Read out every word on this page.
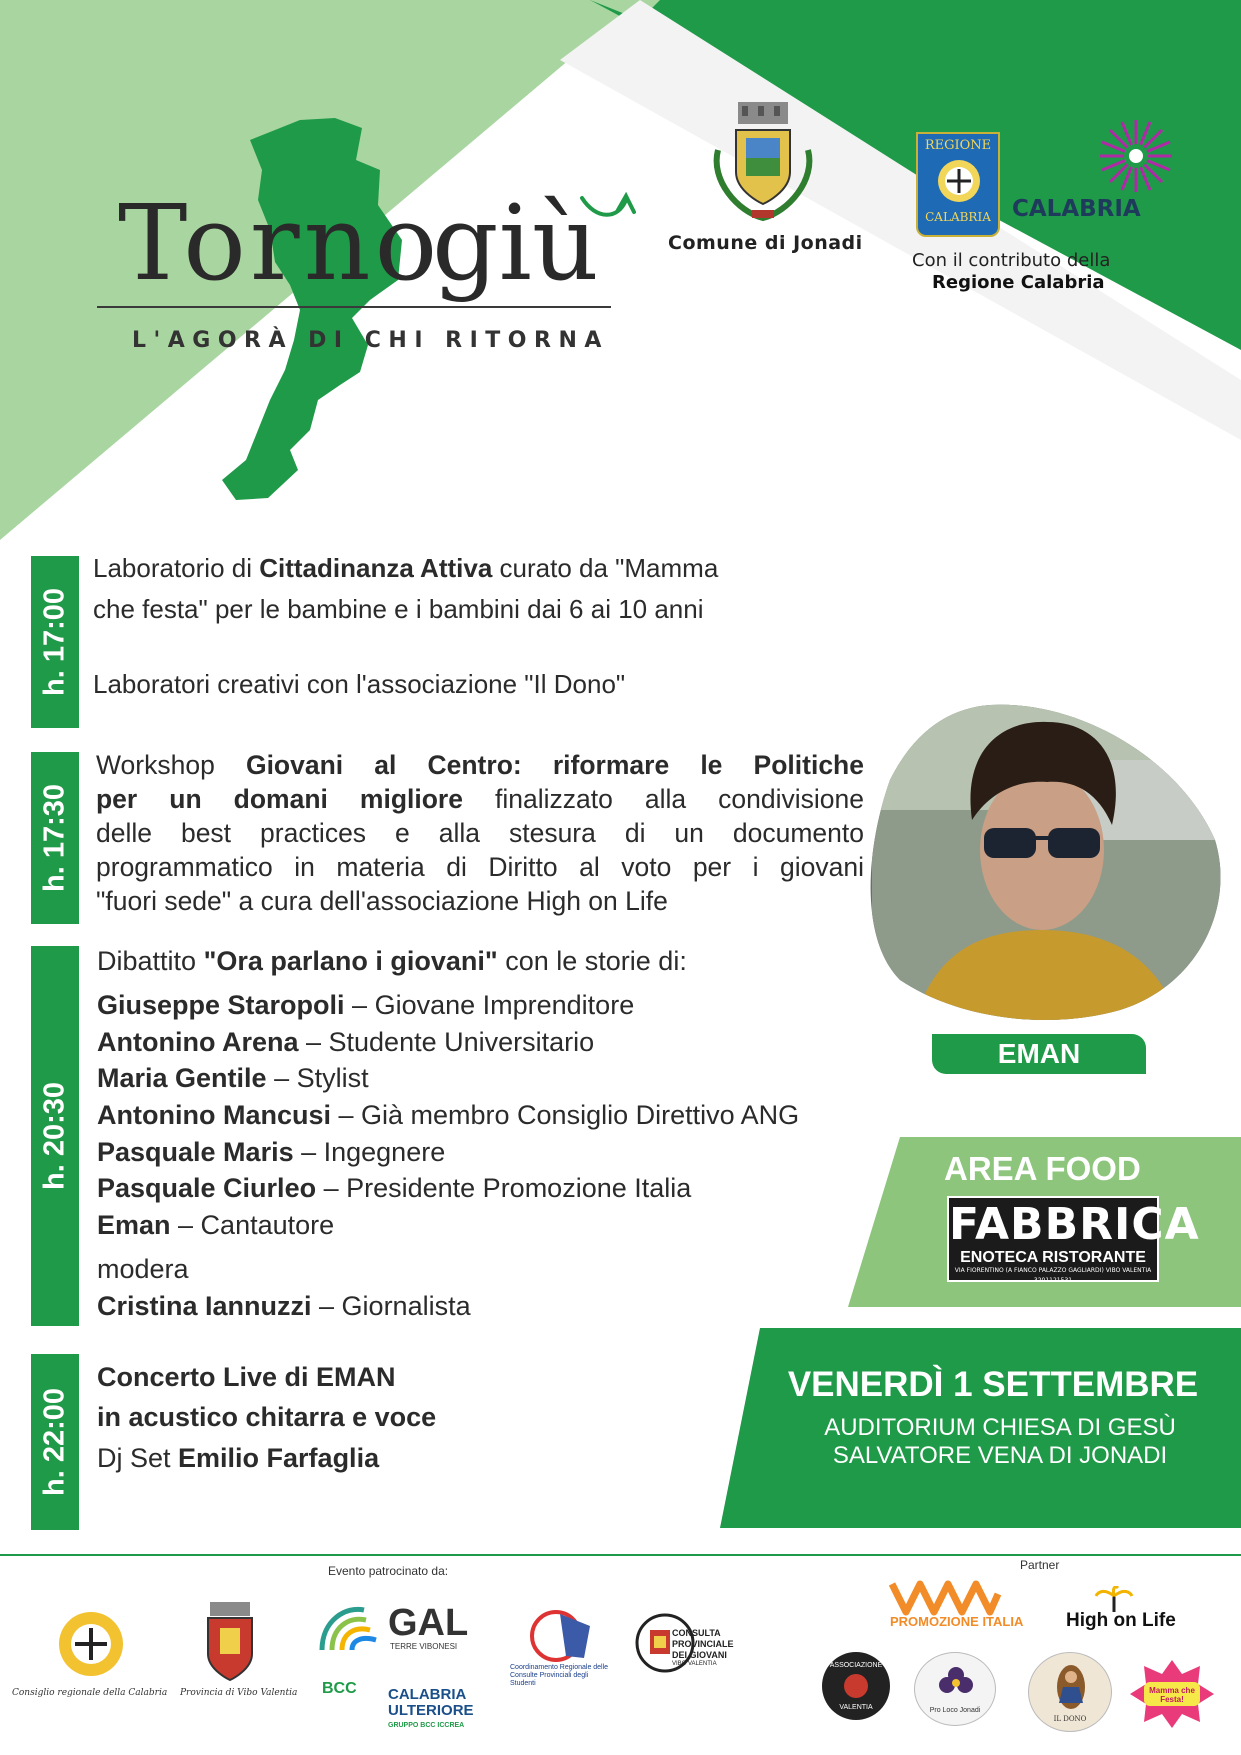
Torno
giù
L'AGORÀ DI CHI RITORNA
Comune di Jonadi
REGIONE
CALABRIA CALABRIA
Con il contributo della
Regione Calabria
h. 17:00
h. 17:30
h. 20:30
h. 22:00
Laboratorio di Cittadinanza Attiva curato da "Mamma
che festa" per le bambine e i bambini dai 6 ai 10 anni
Laboratori creativi con l'associazione "Il Dono"
Workshop Giovani al Centro: riformare le Politiche
per un domani migliore finalizzato alla condivisione
delle best practices e alla stesura di un documento
programmatico in materia di Diritto al voto per i giovani
"fuori sede" a cura dell'associazione High on Life
Dibattito "Ora parlano i giovani" con le storie di:
Giuseppe Staropoli – Giovane Imprenditore
Antonino Arena – Studente Universitario
Maria Gentile – Stylist
Antonino Mancusi – Già membro Consiglio Direttivo ANG
Pasquale Maris – Ingegnere
Pasquale Ciurleo – Presidente Promozione Italia
Eman – Cantautore
modera
Cristina Iannuzzi – Giornalista
Concerto Live di EMAN
in acustico chitarra e voce
Dj Set Emilio Farfaglia
EMAN
AREA FOOD
FABBRICA
ENOTECA RISTORANTE
VIA FIORENTINO (A FIANCO PALAZZO GAGLIARDI) VIBO VALENTIA 3201121531
VENERDÌ 1 SETTEMBRE
AUDITORIUM CHIESA DI GESÙ
SALVATORE VENA DI JONADI
Evento patrocinato da:	Partner
Consiglio regionale della Calabria Provincia di Vibo Valentia
GAL
TERRE VIBONESI
BCC CALABRIA
ULTERIORE
GRUPPO BCC ICCREA
Coordinamento Regionale delle Consulte Provinciali degli Studenti
CONSULTA
PROVINCIALE
DEI GIOVANI
VIBO VALENTIA
PROMOZIONE ITALIA High on Life
ASSOCIAZIONE
VALENTIA	Pro Loco Jonadi
IL DONO
Mamma che Festa!
